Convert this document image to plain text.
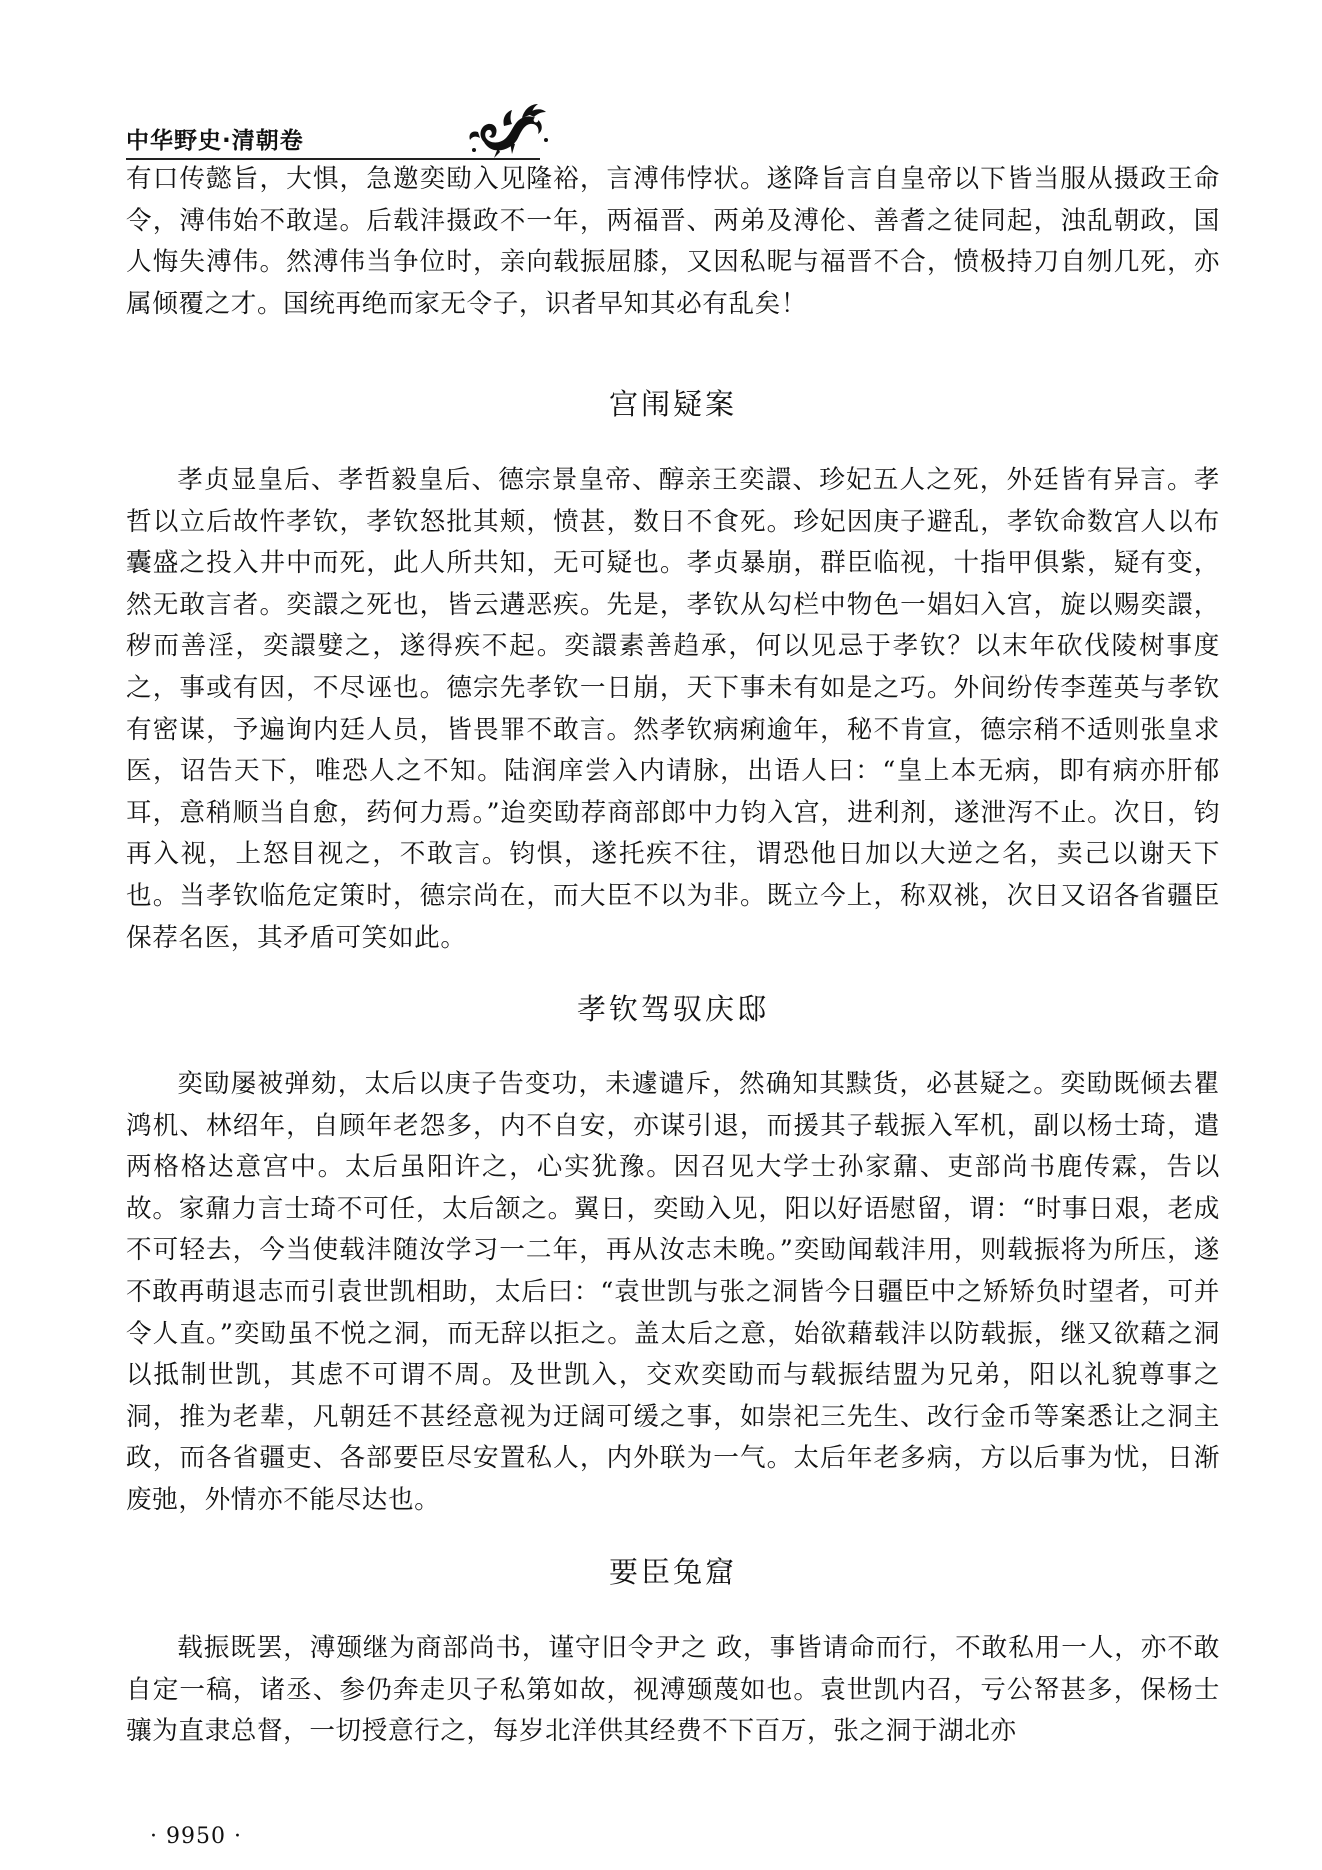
中华野史·清朝卷

有口传懿旨，大惧，急邀奕劻入见隆裕，言溥伟悖状。遂降旨言自皇帝以下皆当服从摄政王命令，溥伟始不敢逞。后载沣摄政不一年，两福晋、两弟及溥伦、善耆之徒同起，浊乱朝政，国人悔失溥伟。然溥伟当争位时，亲向载振屈膝，又因私昵与福晋不合，愤极持刀自刎几死，亦属倾覆之才。国统再绝而家无令子，识者早知其必有乱矣！

宫闱疑案

孝贞显皇后、孝哲毅皇后、德宗景皇帝、醇亲王奕譞、珍妃五人之死，外廷皆有异言。孝哲以立后故忤孝钦，孝钦怒批其颊，愤甚，数日不食死。珍妃因庚子避乱，孝钦命数宫人以布囊盛之投入井中而死，此人所共知，无可疑也。孝贞暴崩，群臣临视，十指甲俱紫，疑有变，然无敢言者。奕譞之死也，皆云遘恶疾。先是，孝钦从勾栏中物色一娼妇入宫，旋以赐奕譞，秽而善淫，奕譞嬖之，遂得疾不起。奕譞素善趋承，何以见忌于孝钦？以末年砍伐陵树事度之，事或有因，不尽诬也。德宗先孝钦一日崩，天下事未有如是之巧。外间纷传李莲英与孝钦有密谋，予遍询内廷人员，皆畏罪不敢言。然孝钦病痢逾年，秘不肯宣，德宗稍不适则张皇求医，诏告天下，唯恐人之不知。陆润庠尝入内请脉，出语人曰：“皇上本无病，即有病亦肝郁耳，意稍顺当自愈，药何力焉。”迨奕劻荐商部郎中力钧入宫，进利剂，遂泄泻不止。次日，钧再入视，上怒目视之，不敢言。钧惧，遂托疾不往，谓恐他日加以大逆之名，卖己以谢天下也。当孝钦临危定策时，德宗尚在，而大臣不以为非。既立今上，称双祧，次日又诏各省疆臣保荐名医，其矛盾可笑如此。

孝钦驾驭庆邸

奕劻屡被弹劾，太后以庚子告变功，未遽谴斥，然确知其黩货，必甚疑之。奕劻既倾去瞿鸿机、林绍年，自顾年老怨多，内不自安，亦谋引退，而援其子载振入军机，副以杨士琦，遣两格格达意宫中。太后虽阳许之，心实犹豫。因召见大学士孙家鼐、吏部尚书鹿传霖，告以故。家鼐力言士琦不可任，太后颔之。翼日，奕劻入见，阳以好语慰留，谓：“时事日艰，老成不可轻去，今当使载沣随汝学习一二年，再从汝志未晚。”奕劻闻载沣用，则载振将为所压，遂不敢再萌退志而引袁世凯相助，太后曰：“袁世凯与张之洞皆今日疆臣中之矫矫负时望者，可并令人直。”奕劻虽不悦之洞，而无辞以拒之。盖太后之意，始欲藉载沣以防载振，继又欲藉之洞以抵制世凯，其虑不可谓不周。及世凯入，交欢奕劻而与载振结盟为兄弟，阳以礼貌尊事之洞，推为老辈，凡朝廷不甚经意视为迂阔可缓之事，如崇祀三先生、改行金币等案悉让之洞主政，而各省疆吏、各部要臣尽安置私人，内外联为一气。太后年老多病，方以后事为忧，日渐废弛，外情亦不能尽达也。

要臣兔窟

载振既罢，溥颋继为商部尚书，谨守旧令尹之 政，事皆请命而行，不敢私用一人，亦不敢自定一稿，诸丞、参仍奔走贝子私第如故，视溥颋蔑如也。袁世凯内召，亏公帑甚多，保杨士骧为直隶总督，一切授意行之，每岁北洋供其经费不下百万，张之洞于湖北亦

· 9950 ·
